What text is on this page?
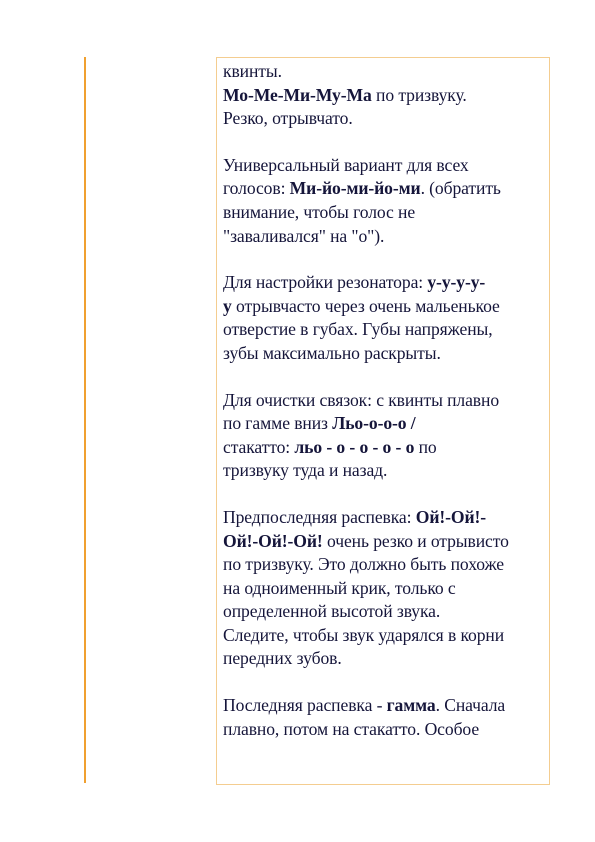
квинты.
Мо-Ме-Ми-Му-Ма по тризвуку.
Резко, отрывчато.
Универсальный вариант для всех
голосов: Ми-йо-ми-йо-ми. (обратить
внимание, чтобы голос не
"заваливался" на "о").
Для настройки резонатора: у-у-у-у-
у отрывчасто через очень мальенькое
отверстие в губах. Губы напряжены,
зубы максимально раскрыты.
Для очистки связок: с квинты плавно
по гамме вниз Льо-о-о-о /
стакатто: льо - о - о - о - о по
тризвуку туда и назад.
Предпоследняя распевка: Ой!-Ой!-
Ой!-Ой!-Ой! очень резко и отрывисто
по тризвуку. Это должно быть похоже
на одноименный крик, только с
определенной высотой звука.
Следите, чтобы звук ударялся в корни
передних зубов.
Последняя распевка - гамма. Сначала
плавно, потом на стакатто. Особое
